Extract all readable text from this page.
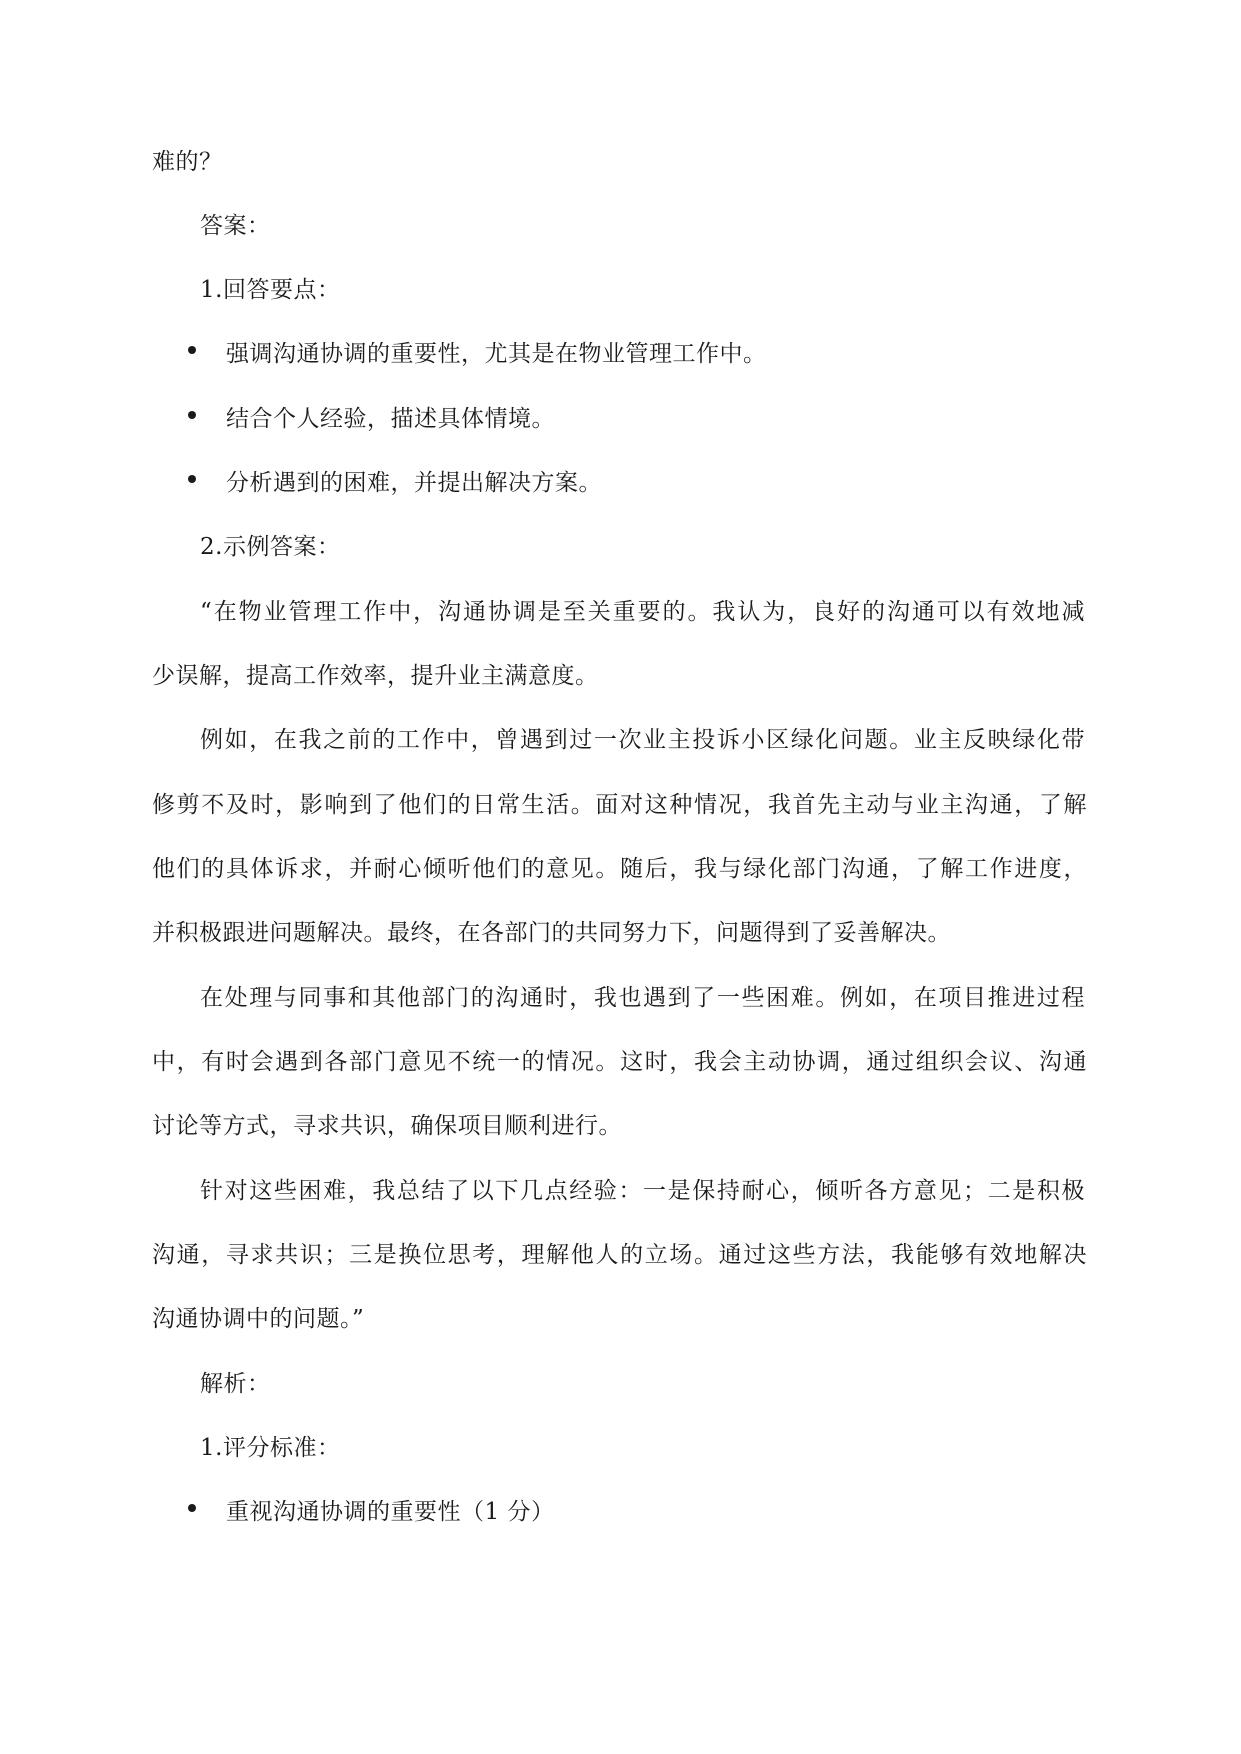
难的？
答案：
1.回答要点：
强调沟通协调的重要性，尤其是在物业管理工作中。
结合个人经验，描述具体情境。
分析遇到的困难，并提出解决方案。
2.示例答案：
“在物业管理工作中，沟通协调是至关重要的。我认为，良好的沟通可以有效地减
少误解，提高工作效率，提升业主满意度。
例如，在我之前的工作中，曾遇到过一次业主投诉小区绿化问题。业主反映绿化带
修剪不及时，影响到了他们的日常生活。面对这种情况，我首先主动与业主沟通，了解
他们的具体诉求，并耐心倾听他们的意见。随后，我与绿化部门沟通，了解工作进度，
并积极跟进问题解决。最终，在各部门的共同努力下，问题得到了妥善解决。
在处理与同事和其他部门的沟通时，我也遇到了一些困难。例如，在项目推进过程
中，有时会遇到各部门意见不统一的情况。这时，我会主动协调，通过组织会议、沟通
讨论等方式，寻求共识，确保项目顺利进行。
针对这些困难，我总结了以下几点经验：一是保持耐心，倾听各方意见；二是积极
沟通，寻求共识；三是换位思考，理解他人的立场。通过这些方法，我能够有效地解决
沟通协调中的问题。”
解析：
1.评分标准：
重视沟通协调的重要性（1 分）
